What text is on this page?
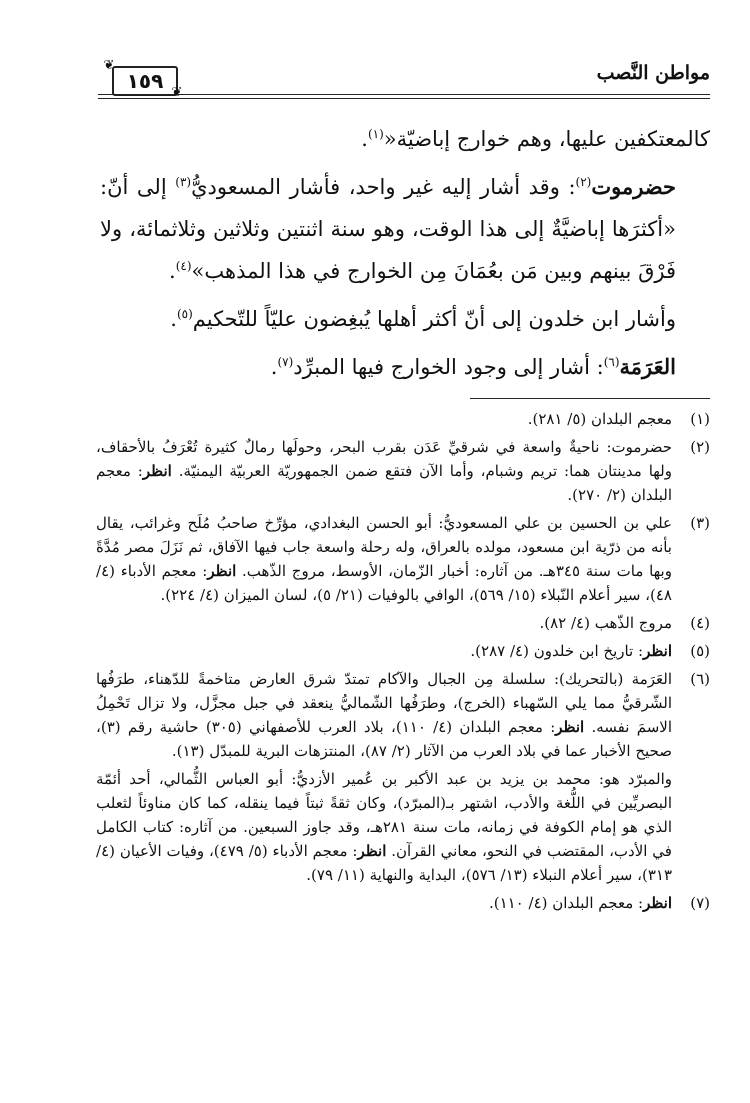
١٥٩
❦
❦
مواطن النَّصب

كالمعتكفين عليها، وهم خوارج إباضيّة«$^{(١)}$.

حضرموت$^{(٢)}$: وقد أشار إليه غير واحد، فأشار المسعوديُّ$^{(٣)}$ إلى أنّ: «أكثرَها إباضيَّةٌ إلى هذا الوقت، وهو سنة اثنتين وثلاثين وثلاثمائة، ولا فَرْقَ بينهم وبين مَن بعُمَانَ مِن الخوارج في هذا المذهب»$^{(٤)}$.

وأشار ابن خلدون إلى أنّ أكثر أهلها يُبغِضون عليّاً للتّحكيم$^{(٥)}$.

العَرَمَة$^{(٦)}$: أشار إلى وجود الخوارج فيها المبرِّد$^{(٧)}$.

(١)
معجم البلدان (٥/ ٢٨١).
(٢)
حضرموت: ناحيةٌ واسعة في شرقيِّ عَدَن بقرب البحر، وحولَها رمالٌ كثيرة تُعْرَفُ بالأحقاف، ولها مدينتان هما: تريم وشبام، وأما الآن فتقع ضمن الجمهوريّة العربيّة اليمنيّة. انظر: معجم البلدان (٢/ ٢٧٠).
(٣)
علي بن الحسين بن علي المسعوديُّ: أبو الحسن البغدادي، مؤرِّخ صاحبُ مُلَح وغرائب، يقال بأنه من ذرّية ابن مسعود، مولده بالعراق، وله رحلة واسعة جاب فيها الآفاق، ثم نَزَلَ مصر مُدَّةً وبها مات سنة ٣٤٥هـ. من آثاره: أخبار الزّمان، الأوسط، مروج الذّهب. انظر: معجم الأدباء (٤/ ٤٨)، سير أعلام النّبلاء (١٥/ ٥٦٩)، الوافي بالوفيات (٢١/ ٥)، لسان الميزان (٤/ ٢٢٤).
(٤)
مروج الذّهب (٤/ ٨٢).
(٥)
انظر: تاريخ ابن خلدون (٤/ ٢٨٧).
(٦)
العَرَمة (بالتحريك): سلسلة مِن الجبال والآكام تمتدّ شرق العارض متاخمةً للدّهناء، طرَفُها الشّرقيُّ مما يلي السّهباء (الخرج)، وطرَفُها الشّماليُّ ينعقد في جبل مجزَّل، ولا تزال تَحْمِلُ الاسمَ نفسه. انظر: معجم البلدان (٤/ ١١٠)، بلاد العرب للأصفهاني (٣٠٥) حاشية رقم (٣)، صحيح الأخبار عما في بلاد العرب من الآثار (٢/ ٨٧)، المنتزهات البرية للمبدّل (١٣).
والمبرّد هو: محمد بن يزيد بن عبد الأكبر بن عُمير الأزديُّ: أبو العباس الثُّمالي، أحد أئمّة البصريِّين في اللُّغة والأدب، اشتهر بـ(المبرّد)، وكان ثقةً ثبتاً فيما ينقله، كما كان مناوئاً لثعلب الذي هو إمام الكوفة في زمانه، مات سنة ٢٨١هـ، وقد جاوز السبعين. من آثاره: كتاب الكامل في الأدب، المقتضب في النحو، معاني القرآن. انظر: معجم الأدباء (٥/ ٤٧٩)، وفيات الأعيان (٤/ ٣١٣)، سير أعلام النبلاء (١٣/ ٥٧٦)، البداية والنهاية (١١/ ٧٩).
(٧)
انظر: معجم البلدان (٤/ ١١٠).
